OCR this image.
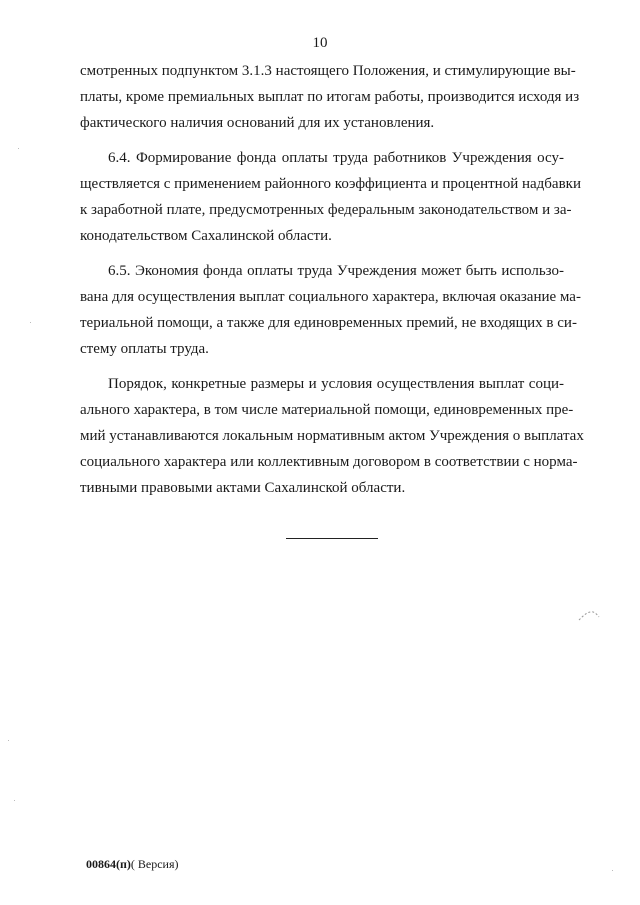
10
смотренных подпунктом 3.1.3 настоящего Положения, и стимулирующие вы-
платы, кроме премиальных выплат по итогам работы, производится исходя из
фактического наличия оснований для их установления.
6.4. Формирование фонда оплаты труда работников Учреждения осу-
ществляется с применением районного коэффициента и процентной надбавки
к заработной плате, предусмотренных федеральным законодательством и за-
конодательством Сахалинской области.
6.5. Экономия фонда оплаты труда Учреждения может быть использо-
вана для осуществления выплат социального характера, включая оказание ма-
териальной помощи, а также для единовременных премий, не входящих в си-
стему оплаты труда.
Порядок, конкретные размеры и условия осуществления выплат соци-
ального характера, в том числе материальной помощи, единовременных пре-
мий устанавливаются локальным нормативным актом Учреждения о выплатах
социального характера или коллективным договором в соответствии с норма-
тивными правовыми актами Сахалинской области.
00864(п)( Версия)
